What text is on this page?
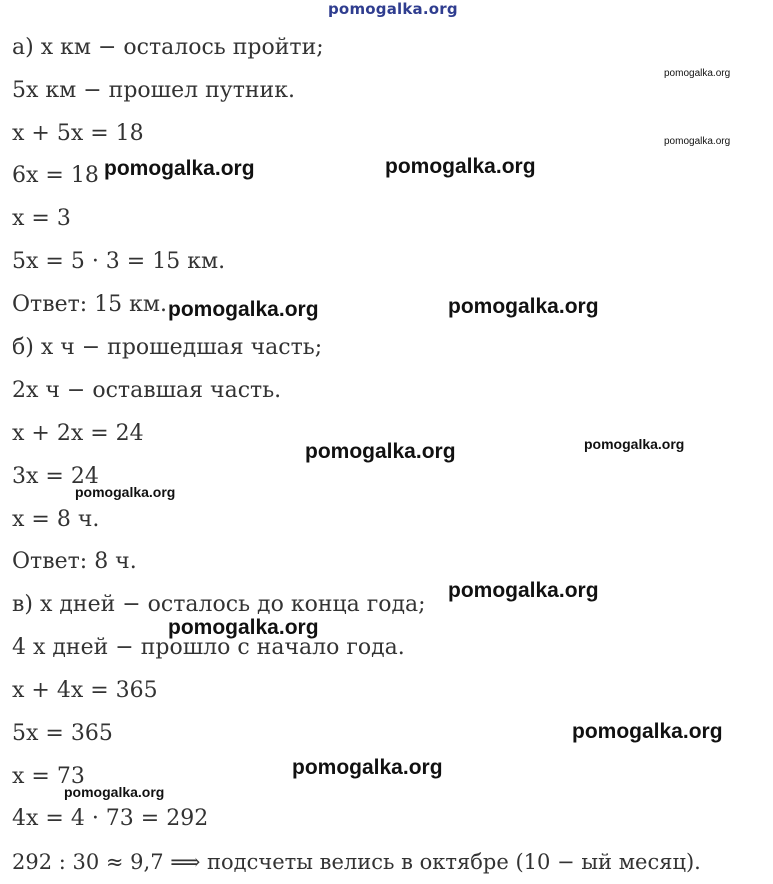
pomogalka.org
а) x км − осталось пройти;
5x км − прошел путник.
x + 5x = 18
6x = 18
x = 3
5x = 5 · 3 = 15 км.
Ответ: 15 км.
б) x ч − прошедшая часть;
2x ч − оставшая часть.
x + 2x = 24
3x = 24
x = 8 ч.
Ответ: 8 ч.
в) x дней − осталось до конца года;
4 x дней − прошло с начало года.
x + 4x = 365
5x = 365
x = 73
4x = 4 · 73 = 292
292 : 30 ≈ 9,7 ⟹ подсчеты велись в октябре (10 − ый месяц).
pomogalka.org
pomogalka.org
pomogalka.org	pomogalka.org
pomogalka.org	pomogalka.org
pomogalka.org	pomogalka.org
pomogalka.org
pomogalka.org
pomogalka.org
pomogalka.org
pomogalka.org
pomogalka.org
